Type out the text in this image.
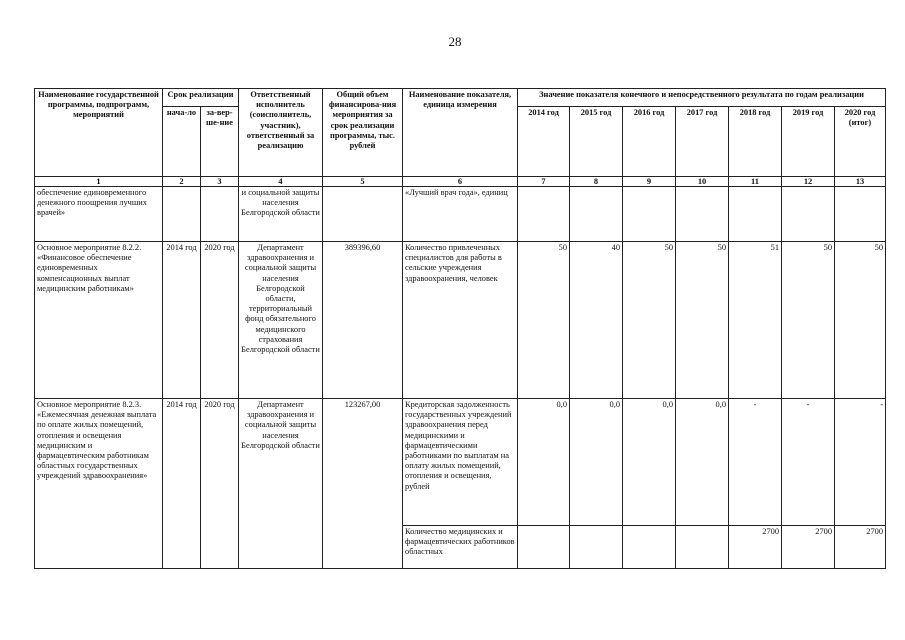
28
Наименование государственной программы, подпрограмм, мероприятий	Срок реализации		Ответственный исполнитель (соисполнитель, участник), ответственный за реализацию	Общий объем финансирова-ния мероприятия за срок реализации программы, тыс. рублей	Наименование показателя, единица измерения	Значение показателя конечного и непосредственного результата по годам реализации						
	нача-ло	за-вер-ше-ние				2014 год	2015 год	2016 год	2017 год	2018 год	2019 год	2020 год (итог)
1	2	3	4	5	6	7	8	9	10	11	12	13
обеспечение единовременного денежного поощрения лучших врачей»			и социальной защиты населения Белгородской области		«Лучший врач года», единиц							
Основное мероприятие 8.2.2. «Финансовое обеспечение единовременных компенсационных выплат медицинским работникам»	2014 год	2020 год	Департамент здравоохранения и социальной защиты населения Белгородской области, территориальный фонд обязательного медицинского страхования Белгородской области	389396,60	Количество привлеченных специалистов для работы в сельские учреждения здравоохранения, человек	50	40	50	50	51	50	50
Основное мероприятие 8.2.3. «Ежемесячная денежная выплата по оплате жилых помещений, отопления и освещения медицинским и фармацевтическим работникам областных государственных учреждений здравоохранения»	2014 год	2020 год	Департамент здравоохранения и социальной защиты населения Белгородской области	123267,00	Кредиторская задолженность государственных учреждений здравоохранения перед медицинскими и фармацевтическими работниками по выплатам на оплату жилых помещений, отопления и освещения, рублей	0,0	0,0	0,0	0,0	-	-	-
					Количество медицинских и фармацевтических работников областных					2700	2700	2700
